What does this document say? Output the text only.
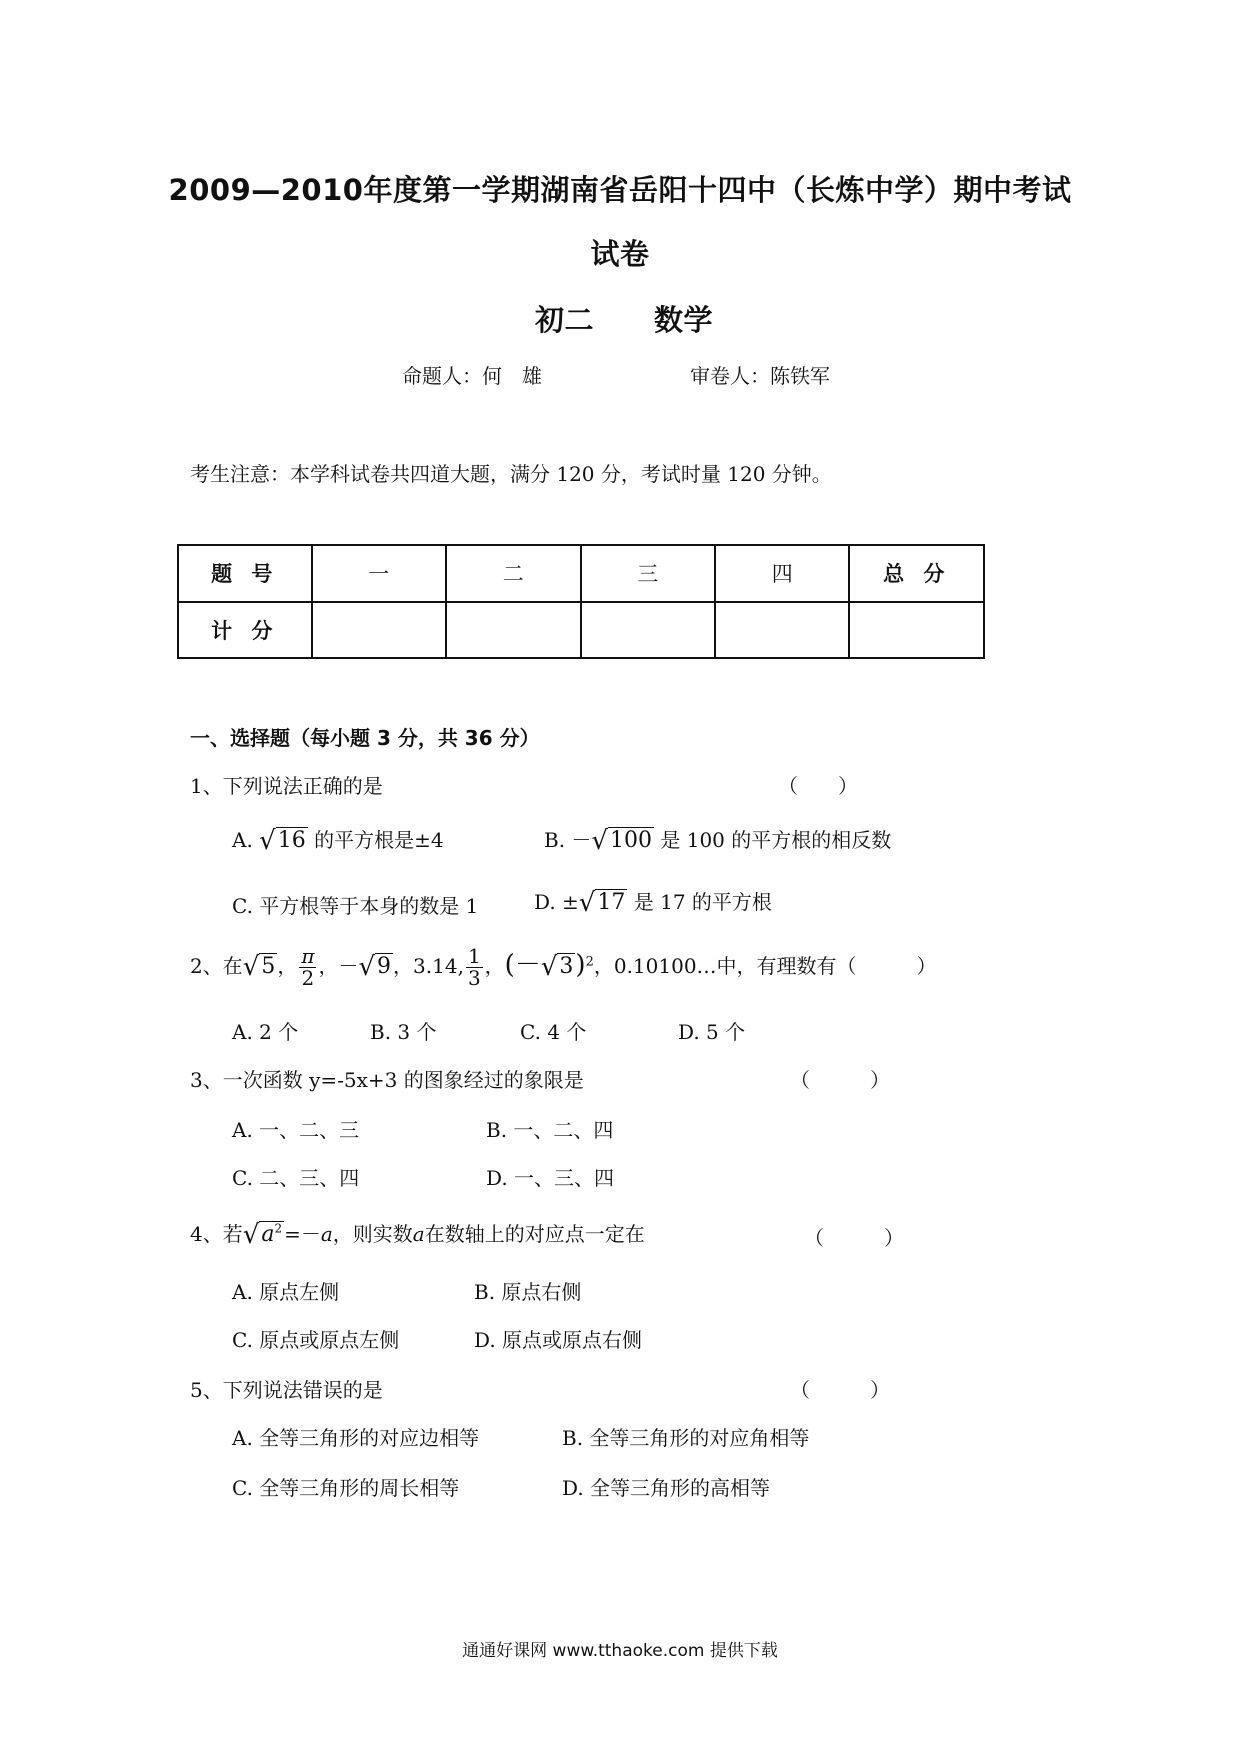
2009—2010年度第一学期湖南省岳阳十四中（长炼中学）期中考试
试卷
初二 数学
命题人：何　雄	审卷人：陈铁军
考生注意：本学科试卷共四道大题，满分 120 分，考试时量 120 分钟。
题 号	一	二	三	四	总 分
计 分					
一、选择题（每小题 3 分，共 36 分）
1、下列说法正确的是	（　　）
A. √16 的平方根是±4	B. －√100 是 100 的平方根的相反数
C. 平方根等于本身的数是 1	D. ±√17 是 17 的平方根
2、在√5 ， $\frac{\pi}{2}$ ，－√9 ，3.14, $\frac{1}{3}$ ，$(-√3)^2$，0.10100…中，有理数有（　　　）
A. 2 个	B. 3 个	C. 4 个	D. 5 个
3、一次函数 y=-5x+3 的图象经过的象限是	（　　　）
A. 一、二、三	B. 一、二、四
C. 二、三、四	D. 一、三、四
4、若$√a^2 =-a$，则实数a在数轴上的对应点一定在	（　　　）
A. 原点左侧	B. 原点右侧
C. 原点或原点左侧	D. 原点或原点右侧
5、下列说法错误的是	（　　　）
A. 全等三角形的对应边相等	B. 全等三角形的对应角相等
C. 全等三角形的周长相等	D. 全等三角形的高相等
通通好课网 www.tthaoke.com 提供下载
